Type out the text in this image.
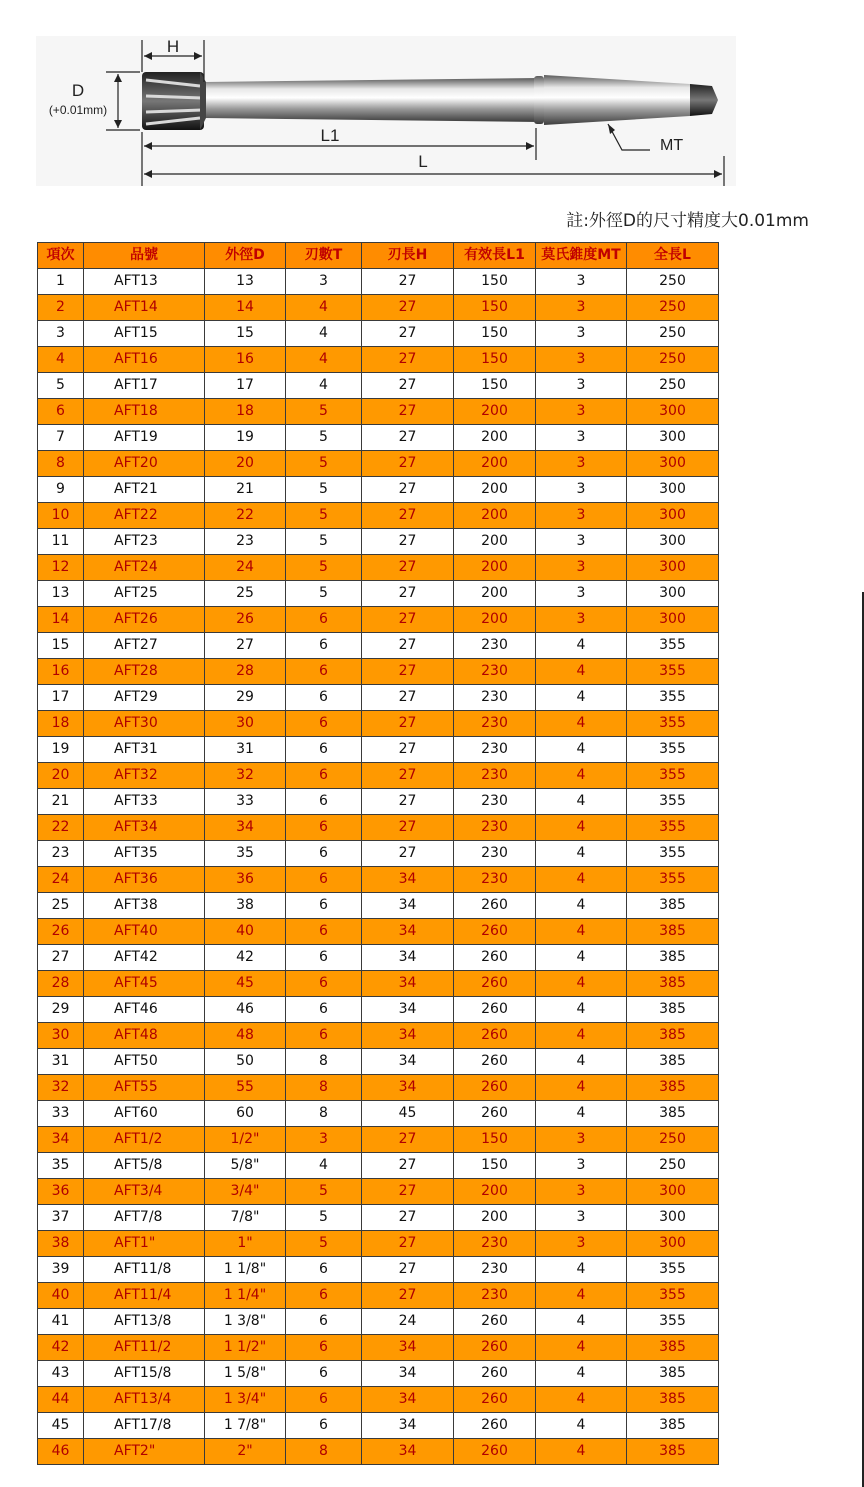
H
D
(+0.01mm)
L1
L
MT
註:外徑D的尺寸精度大0.01mm
項次	品號	外徑D	刃數T	刃長H	有效長L1	莫氏錐度MT	全長L
1	AFT13	13	3	27	150	3	250
2	AFT14	14	4	27	150	3	250
3	AFT15	15	4	27	150	3	250
4	AFT16	16	4	27	150	3	250
5	AFT17	17	4	27	150	3	250
6	AFT18	18	5	27	200	3	300
7	AFT19	19	5	27	200	3	300
8	AFT20	20	5	27	200	3	300
9	AFT21	21	5	27	200	3	300
10	AFT22	22	5	27	200	3	300
11	AFT23	23	5	27	200	3	300
12	AFT24	24	5	27	200	3	300
13	AFT25	25	5	27	200	3	300
14	AFT26	26	6	27	200	3	300
15	AFT27	27	6	27	230	4	355
16	AFT28	28	6	27	230	4	355
17	AFT29	29	6	27	230	4	355
18	AFT30	30	6	27	230	4	355
19	AFT31	31	6	27	230	4	355
20	AFT32	32	6	27	230	4	355
21	AFT33	33	6	27	230	4	355
22	AFT34	34	6	27	230	4	355
23	AFT35	35	6	27	230	4	355
24	AFT36	36	6	34	230	4	355
25	AFT38	38	6	34	260	4	385
26	AFT40	40	6	34	260	4	385
27	AFT42	42	6	34	260	4	385
28	AFT45	45	6	34	260	4	385
29	AFT46	46	6	34	260	4	385
30	AFT48	48	6	34	260	4	385
31	AFT50	50	8	34	260	4	385
32	AFT55	55	8	34	260	4	385
33	AFT60	60	8	45	260	4	385
34	AFT1/2	1/2"	3	27	150	3	250
35	AFT5/8	5/8"	4	27	150	3	250
36	AFT3/4	3/4"	5	27	200	3	300
37	AFT7/8	7/8"	5	27	200	3	300
38	AFT1"	1"	5	27	230	3	300
39	AFT11/8	1 1/8"	6	27	230	4	355
40	AFT11/4	1 1/4"	6	27	230	4	355
41	AFT13/8	1 3/8"	6	24	260	4	355
42	AFT11/2	1 1/2"	6	34	260	4	385
43	AFT15/8	1 5/8"	6	34	260	4	385
44	AFT13/4	1 3/4"	6	34	260	4	385
45	AFT17/8	1 7/8"	6	34	260	4	385
46	AFT2"	2"	8	34	260	4	385
